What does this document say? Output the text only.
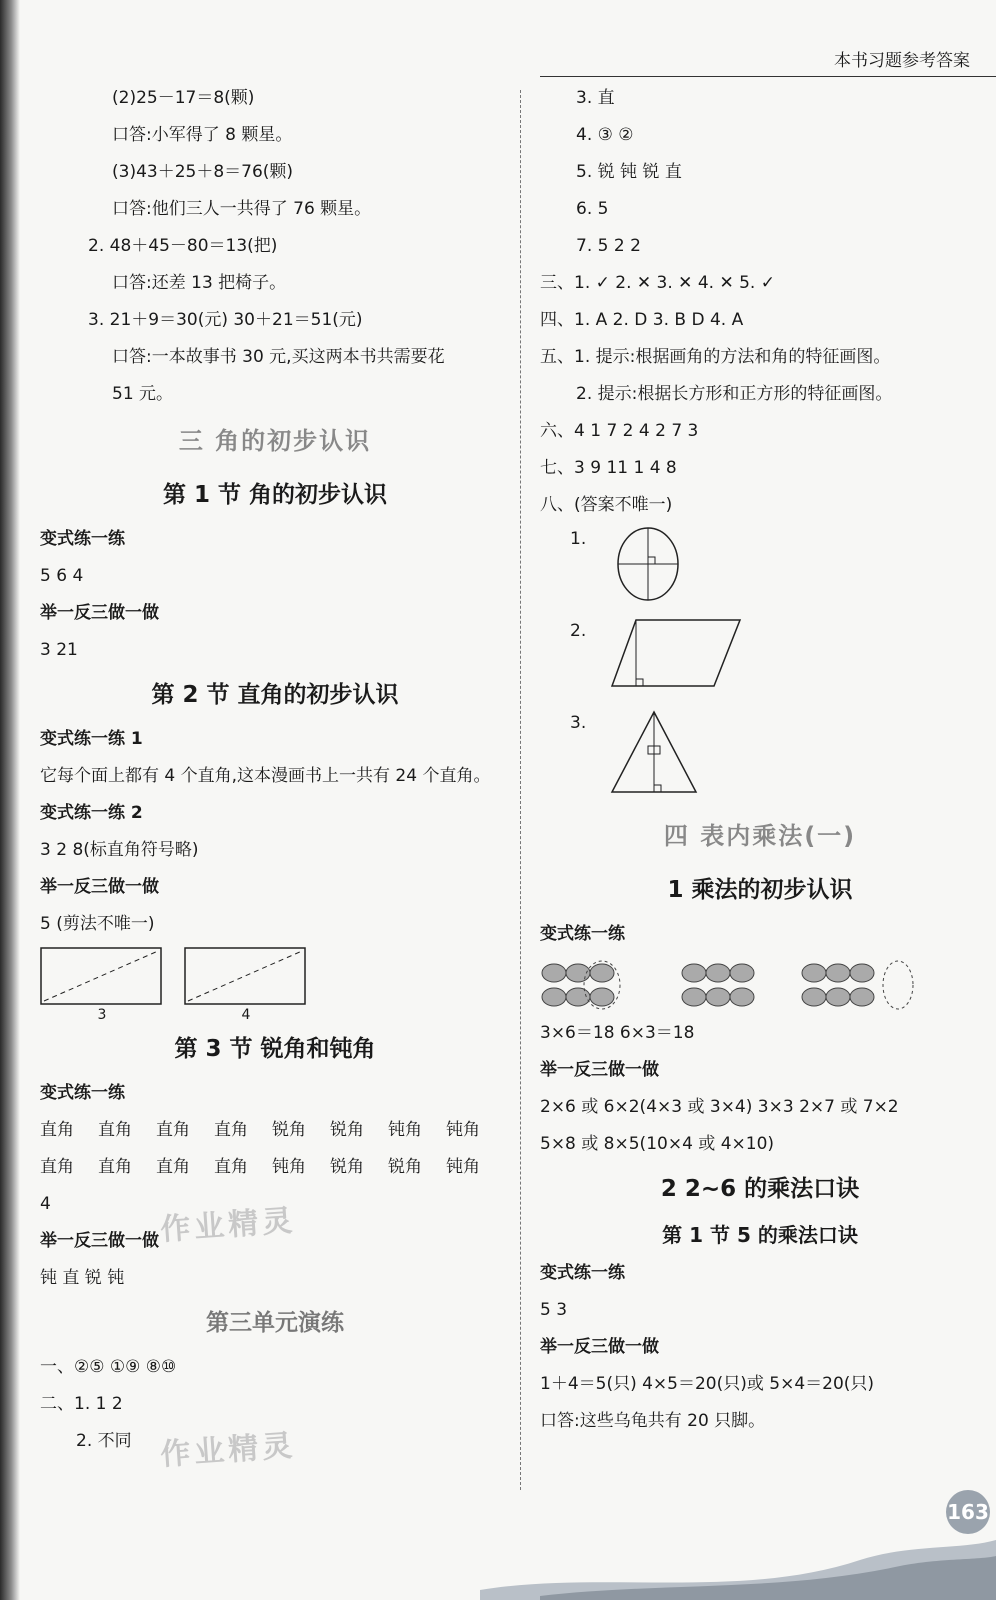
本书习题参考答案
(2)25－17＝8(颗)
口答:小军得了 8 颗星。
(3)43＋25＋8＝76(颗)
口答:他们三人一共得了 76 颗星。
2. 48＋45－80＝13(把)
口答:还差 13 把椅子。
3. 21＋9＝30(元) 30＋21＝51(元)
口答:一本故事书 30 元,买这两本书共需要花
51 元。
三 角的初步认识
第 1 节 角的初步认识
变式练一练
5 6 4
举一反三做一做
3 21
第 2 节 直角的初步认识
变式练一练 1
它每个面上都有 4 个直角,这本漫画书上一共有 24 个直角。
变式练一练 2
3 2 8(标直角符号略)
举一反三做一做
5 (剪法不唯一)
3	4
第 3 节 锐角和钝角
变式练一练
直角	直角	直角	直角	锐角	锐角	钝角	钝角
直角	直角	直角	直角	钝角	锐角	锐角	钝角
4
举一反三做一做
钝 直 锐 钝
第三单元演练
一、②⑤ ①⑨ ⑧⑩
二、1. 1 2
2. 不同
3. 直
4. ③ ②
5. 锐 钝 锐 直
6. 5
7. 5 2 2
三、1. ✓ 2. ✕ 3. ✕ 4. ✕ 5. ✓
四、1. A 2. D 3. B D 4. A
五、1. 提示:根据画角的方法和角的特征画图。
2. 提示:根据长方形和正方形的特征画图。
六、4 1 7 2 4 2 7 3
七、3 9 11 1 4 8
八、(答案不唯一)
1.
2.
3.
四 表内乘法(一)
1 乘法的初步认识
变式练一练
3×6＝18 6×3＝18
举一反三做一做
2×6 或 6×2(4×3 或 3×4) 3×3 2×7 或 7×2
5×8 或 8×5(10×4 或 4×10)
2 2~6 的乘法口诀
第 1 节 5 的乘法口诀
变式练一练
5 3
举一反三做一做
1＋4＝5(只) 4×5＝20(只)或 5×4＝20(只)
口答:这些乌龟共有 20 只脚。
作业精灵
作业精灵
163
